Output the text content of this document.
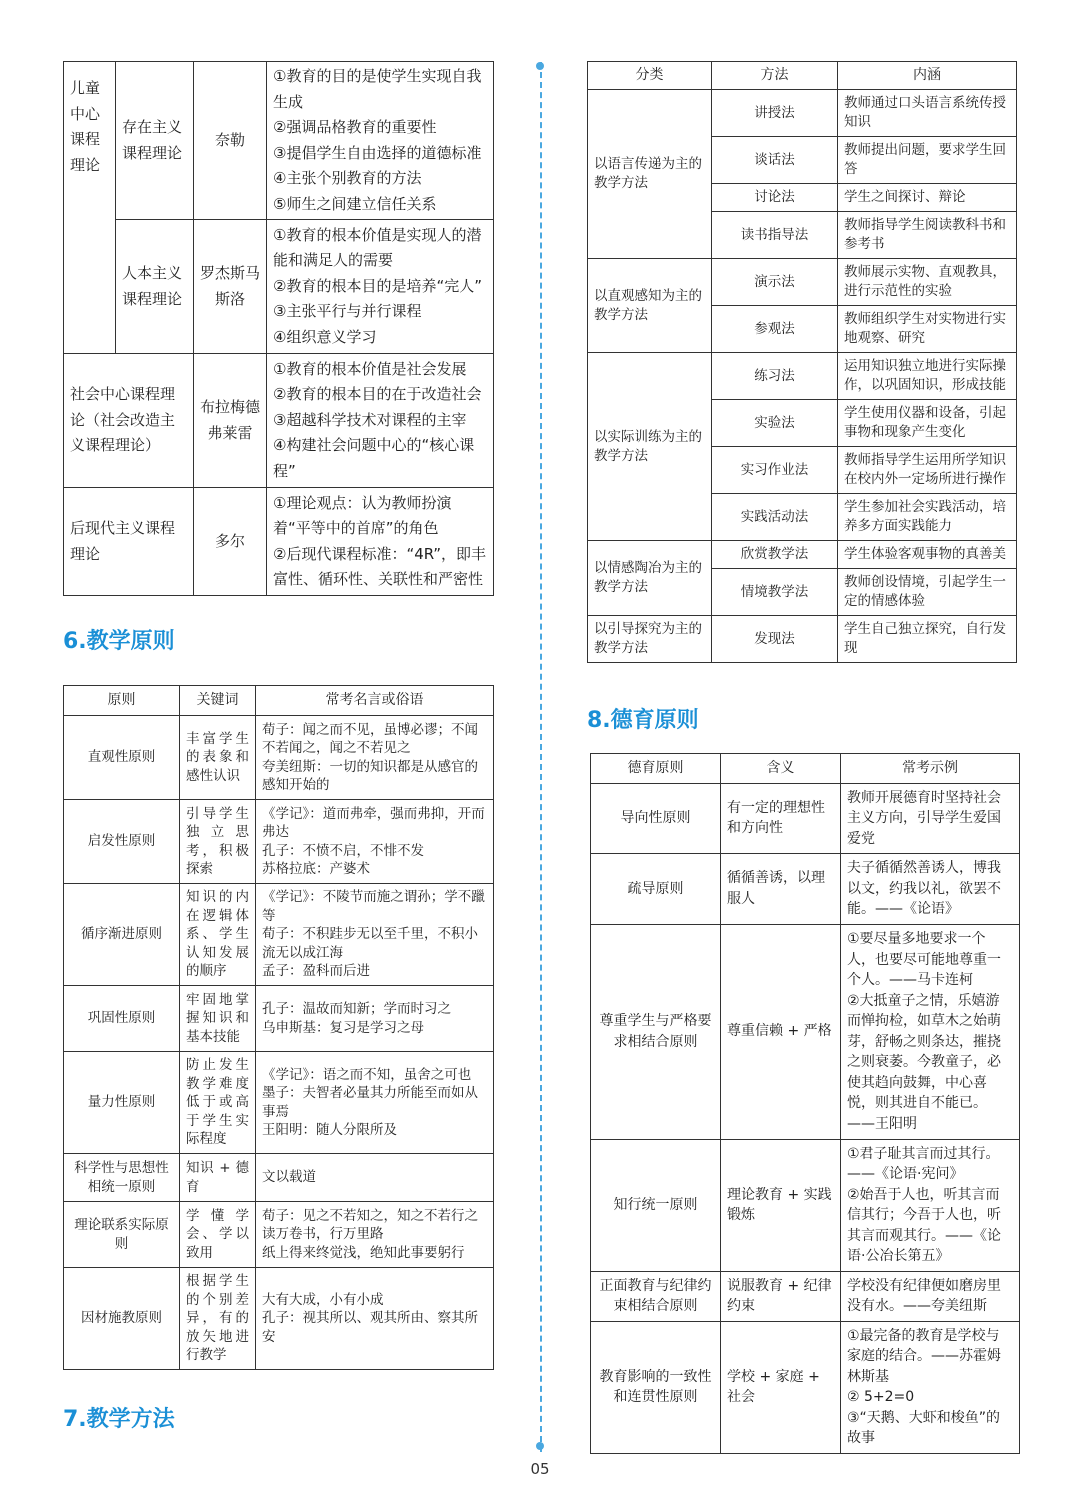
儿童中心课程理论	存在主义课程理论	奈勒	①教育的目的是使学生实现自我生成
②强调品格教育的重要性
③提倡学生自由选择的道德标准
④主张个别教育的方法
⑤师生之间建立信任关系

	人本主义课程理论	罗杰斯马斯洛	①教育的根本价值是实现人的潜能和满足人的需要
②教育的根本目的是培养“完人”
③主张平行与并行课程
④组织意义学习

社会中心课程理论（社会改造主义课程理论）		布拉梅德弗莱雷	①教育的根本价值是社会发展
②教育的根本目的在于改造社会
③超越科学技术对课程的主宰
④构建社会问题中心的“核心课程”

后现代主义课程理论		多尔	①理论观点：认为教师扮演着“平等中的首席”的角色
②后现代课程标准：“4R”，即丰富性、循环性、关联性和严密性
6.教学原则
原则	关键词	常考名言或俗语
直观性原则	丰富学生的表象和感性认识	荀子：闻之而不见，虽博必谬；不闻不若闻之，闻之不若见之
夸美纽斯：一切的知识都是从感官的感知开始的

启发性原则	引导学生独立思考，积极探索	《学记》：道而弗牵，强而弗抑，开而弗达
孔子：不愤不启，不悱不发
苏格拉底：产婆术

循序渐进原则	知识的内在逻辑体系、学生认知发展的顺序	《学记》：不陵节而施之谓孙；学不躐等
荀子：不积跬步无以至千里，不积小流无以成江海
孟子：盈科而后进

巩固性原则	牢固地掌握知识和基本技能	孔子：温故而知新；学而时习之
乌申斯基：复习是学习之母

量力性原则	防止发生教学难度低于或高于学生实际程度	《学记》：语之而不知，虽舍之可也
墨子：夫智者必量其力所能至而如从事焉
王阳明：随人分限所及

科学性与思想性相统一原则	知识 + 德育	文以载道

理论联系实际原则	学懂学会、学以致用	荀子：见之不若知之，知之不若行之
读万卷书，行万里路
纸上得来终觉浅，绝知此事要躬行

因材施教原则	根据学生的个别差异，有的放矢地进行教学	大有大成，小有小成
孔子：视其所以、观其所由、察其所安
7.教学方法
分类	方法	内涵
以语言传递为主的教学方法	讲授法	教师通过口头语言系统传授知识
	谈话法	教师提出问题，要求学生回答
	讨论法	学生之间探讨、辩论
	读书指导法	教师指导学生阅读教科书和参考书
以直观感知为主的教学方法	演示法	教师展示实物、直观教具，进行示范性的实验
	参观法	教师组织学生对实物进行实地观察、研究
以实际训练为主的教学方法	练习法	运用知识独立地进行实际操作，以巩固知识，形成技能
	实验法	学生使用仪器和设备，引起事物和现象产生变化
	实习作业法	教师指导学生运用所学知识在校内外一定场所进行操作
	实践活动法	学生参加社会实践活动，培养多方面实践能力
以情感陶冶为主的教学方法	欣赏教学法	学生体验客观事物的真善美
	情境教学法	教师创设情境，引起学生一定的情感体验
以引导探究为主的教学方法	发现法	学生自己独立探究，自行发现
8.德育原则
德育原则	含义	常考示例
导向性原则	有一定的理想性和方向性	教师开展德育时坚持社会主义方向，引导学生爱国爱党

疏导原则	循循善诱，以理服人	夫子循循然善诱人，博我以文，约我以礼，欲罢不能。——《论语》

尊重学生与严格要求相结合原则	尊重信赖 + 严格	①要尽量多地要求一个人，也要尽可能地尊重一个人。——马卡连柯
②大抵童子之情，乐嬉游而惮拘检，如草木之始萌芽，舒畅之则条达，摧挠之则衰萎。今教童子，必使其趋向鼓舞，中心喜悦，则其进自不能已。——王阳明

知行统一原则	理论教育 + 实践锻炼	①君子耻其言而过其行。——《论语·宪问》
②始吾于人也，听其言而信其行；今吾于人也，听其言而观其行。——《论语·公冶长第五》

正面教育与纪律约束相结合原则	说服教育 + 纪律约束	学校没有纪律便如磨房里没有水。——夸美纽斯

教育影响的一致性和连贯性原则	学校 + 家庭 + 社会	①最完备的教育是学校与家庭的结合。——苏霍姆林斯基
② 5+2=0
③“天鹅、大虾和梭鱼”的故事
05
